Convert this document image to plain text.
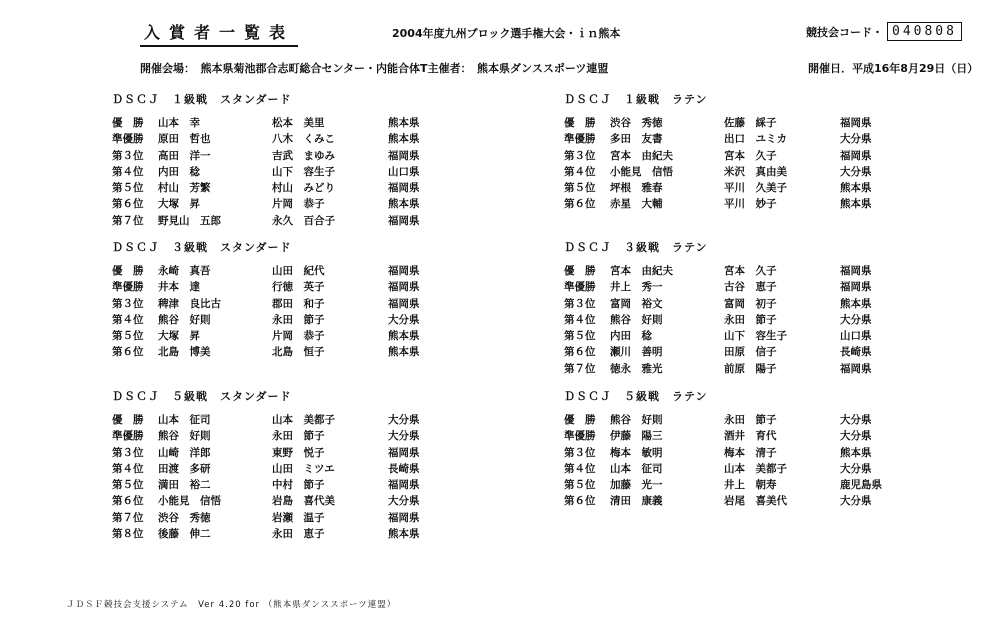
入賞者一覧表	2004年度九州ブロック選手権大会・ｉｎ熊本	競技会コード・ 040808
開催会場：　熊本県菊池郡合志町総合センター・内能合体T主催者：　熊本県ダンススポーツ連盟	開催日．平成16年8月29日（日）
ＤＳＣＪ　１級戦　スタンダード
優　勝 山本　幸	松本　美里	熊本県
準優勝 原田　哲也	八木　くみこ	熊本県
第３位 高田　洋一	吉武　まゆみ	福岡県
第４位 内田　稔	山下　容生子	山口県
第５位 村山　芳繁	村山　みどり	福岡県
第６位 大塚　昇	片岡　恭子	熊本県
第７位 野見山　五郎	永久　百合子	福岡県
ＤＳＣＪ　１級戦　ラテン
優　勝 渋谷　秀徳	佐藤　綵子	福岡県
準優勝 多田　友書	出口　ユミカ	大分県
第３位 宮本　由紀夫	宮本　久子	福岡県
第４位 小能見　信悟	米沢　真由美	大分県
第５位 坪根　雅春	平川　久美子	熊本県
第６位 赤星　大輔	平川　妙子	熊本県
ＤＳＣＪ　３級戦　スタンダード
優　勝 永崎　真吾	山田　紀代	福岡県
準優勝 井本　達	行徳　英子	福岡県
第３位 稗津　良比古	郡田　和子	福岡県
第４位 熊谷　好則	永田　節子	大分県
第５位 大塚　昇	片岡　恭子	熊本県
第６位 北島　博美	北島　恒子	熊本県
ＤＳＣＪ　３級戦　ラテン
優　勝 宮本　由紀夫	宮本　久子	福岡県
準優勝 井上　秀一	古谷　恵子	福岡県
第３位 富岡　裕文	富岡　初子	熊本県
第４位 熊谷　好則	永田　節子	大分県
第５位 内田　稔	山下　容生子	山口県
第６位 瀬川　善明	田原　信子	長崎県
第７位 徳永　雅光	前原　陽子	福岡県
ＤＳＣＪ　５級戦　スタンダード
優　勝 山本　征司	山本　美都子	大分県
準優勝 熊谷　好則	永田　節子	大分県
第３位 山崎　洋郎	東野　悦子	福岡県
第４位 田渡　多研	山田　ミツエ	長崎県
第５位 満田　裕二	中村　節子	福岡県
第６位 小能見　信悟	岩島　喜代美	大分県
第７位 渋谷　秀徳	岩瀬　温子	福岡県
第８位 後藤　伸二	永田　恵子	熊本県
ＤＳＣＪ　５級戦　ラテン
優　勝 熊谷　好則	永田　節子	大分県
準優勝 伊藤　陽三	酒井　育代	大分県
第３位 梅本　敏明	梅本　清子	熊本県
第４位 山本　征司	山本　美都子	大分県
第５位 加藤　光一	井上　朝寿	鹿児島県
第６位 清田　康義	岩尾　喜美代	大分県
ＪＤＳＦ競技会支援システム　Ver 4.20 for （熊本県ダンススポーツ連盟）
